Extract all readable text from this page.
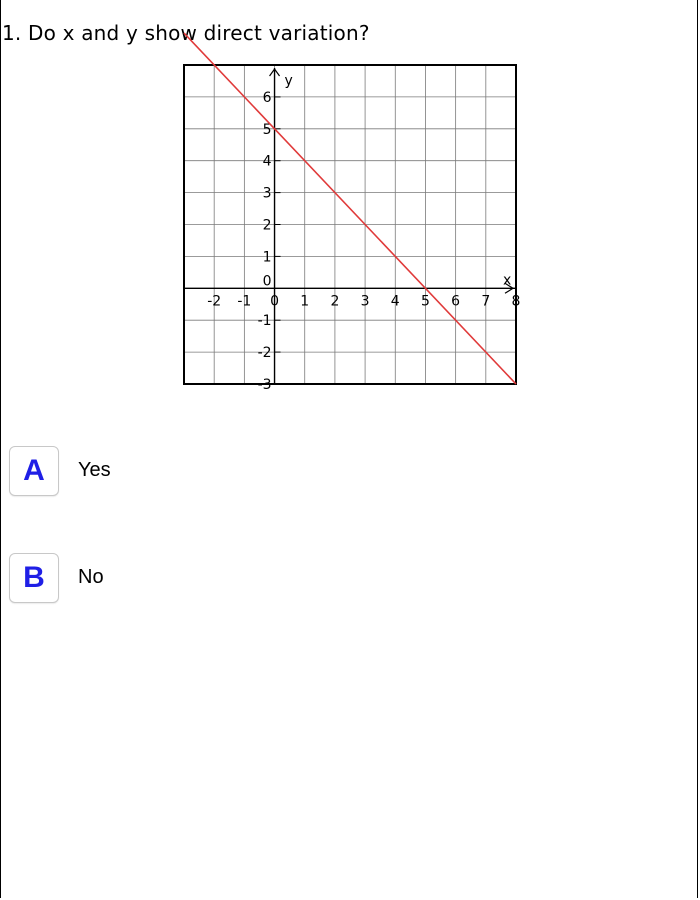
1. Do x and y show direct variation?
y
x
-2 -1 0 1 2 3 4 5 6 7 8
-3
-2
-1
1
2
3
4
5
6
0
A	Yes
B	No
